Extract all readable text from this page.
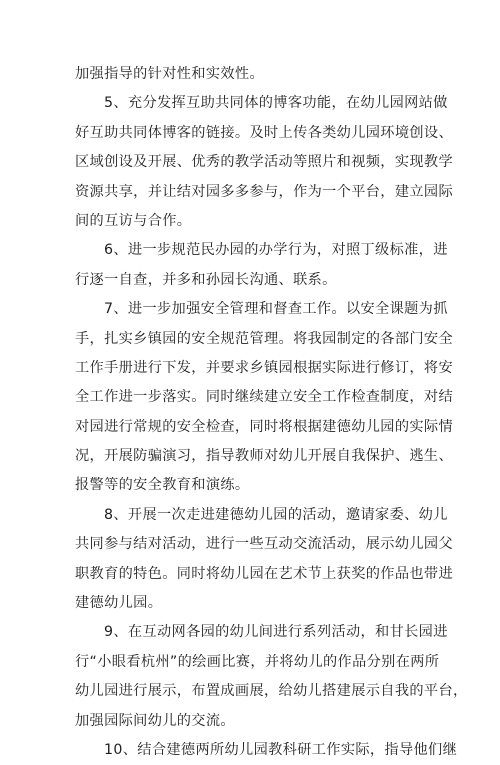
加强指导的针对性和实效性。
5、充分发挥互助共同体的博客功能，在幼儿园网站做
好互助共同体博客的链接。及时上传各类幼儿园环境创设、
区域创设及开展、优秀的教学活动等照片和视频，实现教学
资源共享，并让结对园多多参与，作为一个平台，建立园际
间的互访与合作。
6、进一步规范民办园的办学行为，对照丁级标准，进
行逐一自查，并多和孙园长沟通、联系。
7、进一步加强安全管理和督查工作。以安全课题为抓
手，扎实乡镇园的安全规范管理。将我园制定的各部门安全
工作手册进行下发，并要求乡镇园根据实际进行修订，将安
全工作进一步落实。同时继续建立安全工作检查制度，对结
对园进行常规的安全检查，同时将根据建德幼儿园的实际情
况，开展防骗演习，指导教师对幼儿开展自我保护、逃生、
报警等的安全教育和演练。
8、开展一次走进建德幼儿园的活动，邀请家委、幼儿
共同参与结对活动，进行一些互动交流活动，展示幼儿园父
职教育的特色。同时将幼儿园在艺术节上获奖的作品也带进
建德幼儿园。
9、在互动网各园的幼儿间进行系列活动，和甘长园进
行“小眼看杭州”的绘画比赛，并将幼儿的作品分别在两所
幼儿园进行展示，布置成画展，给幼儿搭建展示自我的平台，
加强园际间幼儿的交流。
10、结合建德两所幼儿园教科研工作实际，指导他们继
